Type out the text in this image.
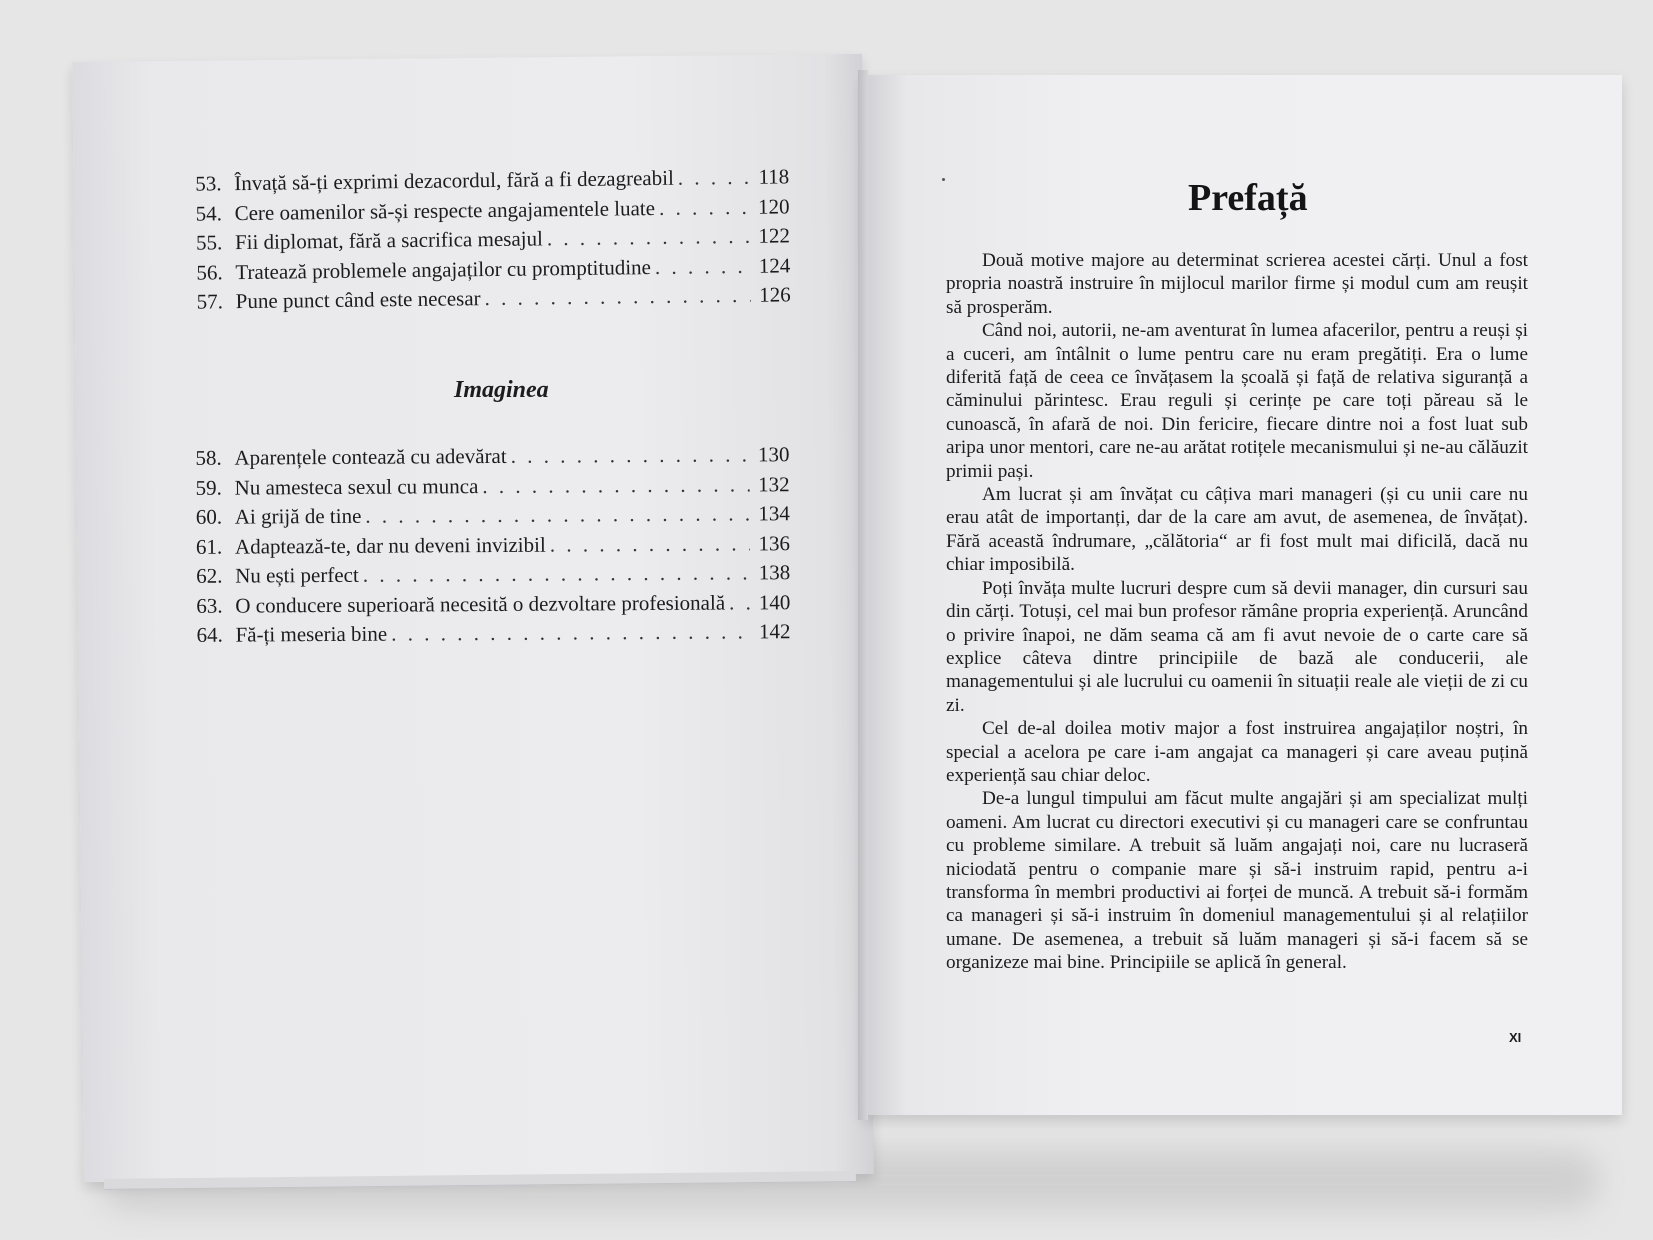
53. Învață să-ți exprimi dezacordul, fără a fi dezagreabil . . .	118
54. Cere oamenilor să-și respecte angajamentele luate . . .	120
55. Fii diplomat, fără a sacrifica mesajul . . .	122
56. Tratează problemele angajaților cu promptitudine . . .	124
57. Pune punct când este necesar . . .	126
Imaginea
58. Aparențele contează cu adevărat . . .	130
59. Nu amesteca sexul cu munca . . .	132
60. Ai grijă de tine . . .	134
61. Adaptează-te, dar nu deveni invizibil . . .	136
62. Nu ești perfect . . .	138
63. O conducere superioară necesită o dezvoltare profesională . . . 140
64. Fă-ți meseria bine . . .	142
Prefață

Două motive majore au determinat scrierea acestei cărți. Unul a fost propria noastră instruire în mijlocul marilor firme și modul cum am reușit să prosperăm.

Când noi, autorii, ne-am aventurat în lumea afacerilor, pentru a reuși și a cuceri, am întâlnit o lume pentru care nu eram pregătiți. Era o lume diferită față de ceea ce învățasem la școală și față de relativa siguranță a căminului părintesc. Erau reguli și cerințe pe care toți păreau să le cunoască, în afară de noi. Din fericire, fiecare dintre noi a fost luat sub aripa unor mentori, care ne-au arătat rotițele mecanismului și ne-au călăuzit primii pași.

Am lucrat și am învățat cu câțiva mari manageri (și cu unii care nu erau atât de importanți, dar de la care am avut, de asemenea, de învățat). Fără această îndrumare, „călătoria“ ar fi fost mult mai dificilă, dacă nu chiar imposibilă.

Poți învăța multe lucruri despre cum să devii manager, din cursuri sau din cărți. Totuși, cel mai bun profesor rămâne propria experiență. Aruncând o privire înapoi, ne dăm seama că am fi avut nevoie de o carte care să explice câteva dintre principiile de bază ale conducerii, ale managementului și ale lucrului cu oamenii în situații reale ale vieții de zi cu zi.

Cel de-al doilea motiv major a fost instruirea angajaților noștri, în special a acelora pe care i-am angajat ca manageri și care aveau puțină experiență sau chiar deloc.

De-a lungul timpului am făcut multe angajări și am specializat mulți oameni. Am lucrat cu directori executivi și cu manageri care se confruntau cu probleme similare. A trebuit să luăm angajați noi, care nu lucraseră niciodată pentru o companie mare și să-i instruim rapid, pentru a-i transforma în membri productivi ai forței de muncă. A trebuit să-i formăm ca manageri și să-i instruim în domeniul managementului și al relațiilor umane. De asemenea, a trebuit să luăm manageri și să-i facem să se organizeze mai bine. Principiile se aplică în general.

XI
